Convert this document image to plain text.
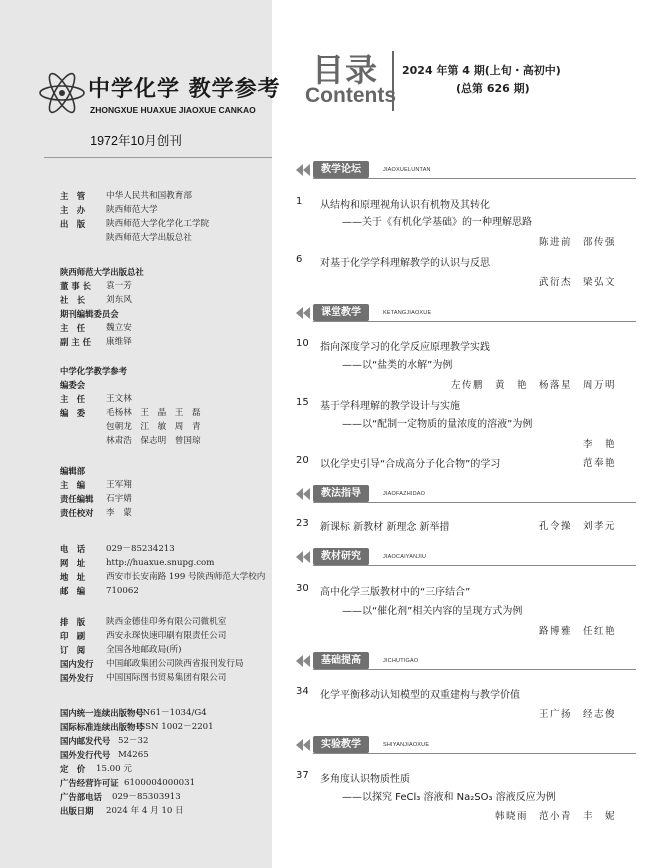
中学化学 教学参考
ZHONGXUE HUAXUE JIAOXUE CANKAO
1972年10月创刊
主　管	中华人民共和国教育部
主　办	陕西师范大学
出　版	陕西师范大学化学化工学院
陕西师范大学出版总社
陕西师范大学出版总社
董 事 长	袁一芳
社　长	刘东风
期刊编辑委员会
主　任	魏立安
副 主 任	康维铎
中学化学教学参考
编委会
主　任	王文林
编　委	毛杨林　王　晶　王　磊
包朝龙　江　敏　周　青
林肃浩　保志明　曾国琼
编辑部
主　编	王军翔
责任编辑	石宇婧
责任校对	李　蒙
电　话	029－85234213
网　址	http://huaxue.snupg.com
地　址	西安市长安南路 199 号陕西师范大学校内
邮　编	710062
排　版	陕西金德佳印务有限公司微机室
印　刷	西安永琛快速印刷有限责任公司
订　阅	全国各地邮政局(所)
国内发行	中国邮政集团公司陕西省报刊发行局
国外发行	中国国际图书贸易集团有限公司
国内统一连续出版物号
CN61－1034/G4
国际标准连续出版物号
ISSN 1002－2201
国内邮发代号 52－32
国外发行代号 M4265
定　价	15.00 元
广告经营许可证 6100004000031
广告部电话	029－85303913
出版日期	2024 年 4 月 10 日
目录
Contents
2024 年第 4 期(上旬・高初中)
(总第 626 期)
教学论坛	JIAOXUELUNTAN
1 从结构和原理视角认识有机物及其转化
——关于《有机化学基础》的一种理解思路
陈进前　邵传强
6 对基于化学学科理解教学的认识与反思
武衍杰　梁弘文
课堂教学	KETANGJIAOXUE
10 指向深度学习的化学反应原理教学实践
——以“盐类的水解”为例
左传鹏　黄　艳　杨落星　周万明
15 基于学科理解的教学设计与实施
——以“配制一定物质的量浓度的溶液”为例
李　艳
20 以化学史引导“合成高分子化合物”的学习	范奉艳
教法指导	JIAOFAZHIDAO
23 新课标 新教材 新理念 新举措	孔令操　刘孝元
教材研究	JIAOCAIYANJIU
30 高中化学三版教材中的“三序结合”
——以“催化剂”相关内容的呈现方式为例
路博雅　任红艳
基础提高	JICHUTIGAO
34 化学平衡移动认知模型的双重建构与教学价值
王广扬　经志俊
实验教学	SHIYANJIAOXUE
37 多角度认识物质性质
——以探究 FeCl₃ 溶液和 Na₂SO₃ 溶液反应为例
韩晓雨　范小青　丰　妮
